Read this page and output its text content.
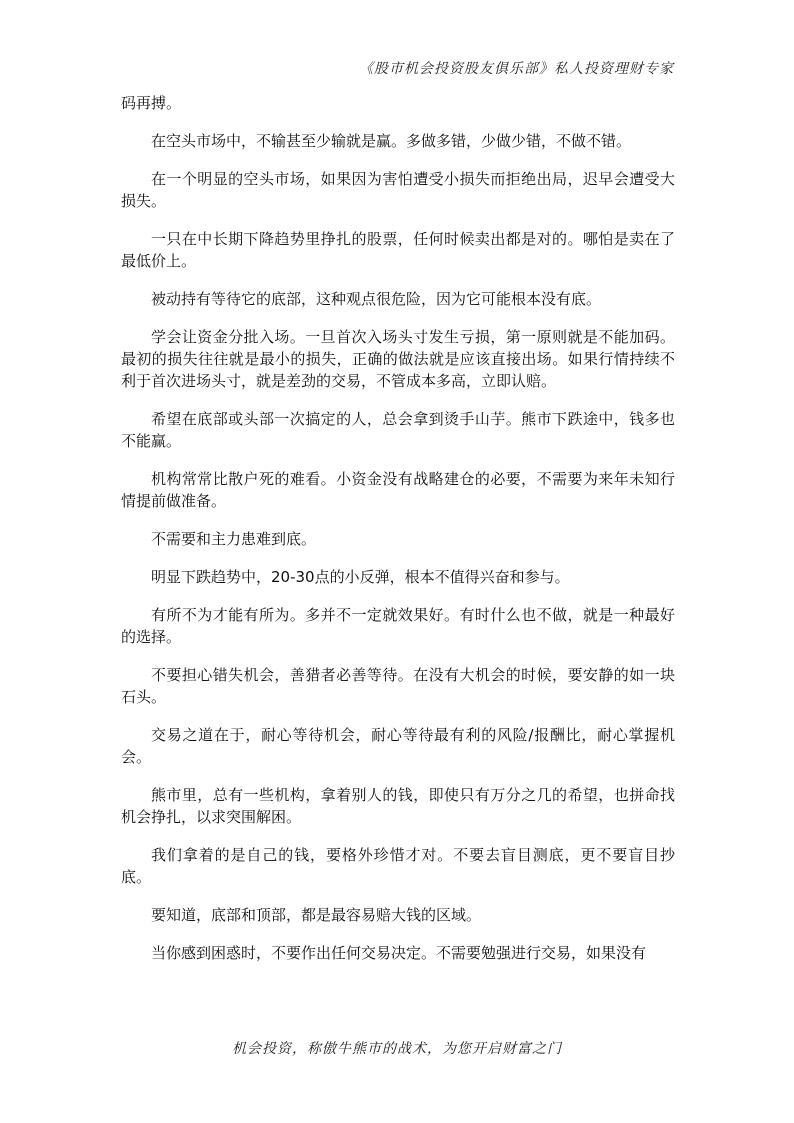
《股市机会投资股友俱乐部》私人投资理财专家

码再搏。

在空头市场中，不输甚至少输就是赢。多做多错，少做少错，不做不错。

在一个明显的空头市场，如果因为害怕遭受小损失而拒绝出局，迟早会遭受大损失。

一只在中长期下降趋势里挣扎的股票，任何时候卖出都是对的。哪怕是卖在了最低价上。

被动持有等待它的底部，这种观点很危险，因为它可能根本没有底。

学会让资金分批入场。一旦首次入场头寸发生亏损，第一原则就是不能加码。最初的损失往往就是最小的损失，正确的做法就是应该直接出场。如果行情持续不利于首次进场头寸，就是差劲的交易，不管成本多高，立即认赔。

希望在底部或头部一次搞定的人，总会拿到烫手山芋。熊市下跌途中，钱多也不能赢。

机构常常比散户死的难看。小资金没有战略建仓的必要，不需要为来年未知行情提前做准备。

不需要和主力患难到底。

明显下跌趋势中，20-30点的小反弹，根本不值得兴奋和参与。

有所不为才能有所为。多并不一定就效果好。有时什么也不做，就是一种最好的选择。

不要担心错失机会，善猎者必善等待。在没有大机会的时候，要安静的如一块石头。

交易之道在于，耐心等待机会，耐心等待最有利的风险/报酬比，耐心掌握机会。

熊市里，总有一些机构，拿着别人的钱，即使只有万分之几的希望，也拼命找机会挣扎，以求突围解困。

我们拿着的是自己的钱，要格外珍惜才对。不要去盲目测底，更不要盲目抄底。

要知道，底部和顶部，都是最容易赔大钱的区域。

当你感到困惑时，不要作出任何交易决定。不需要勉强进行交易，如果没有

机会投资，称傲牛熊市的战术，为您开启财富之门
